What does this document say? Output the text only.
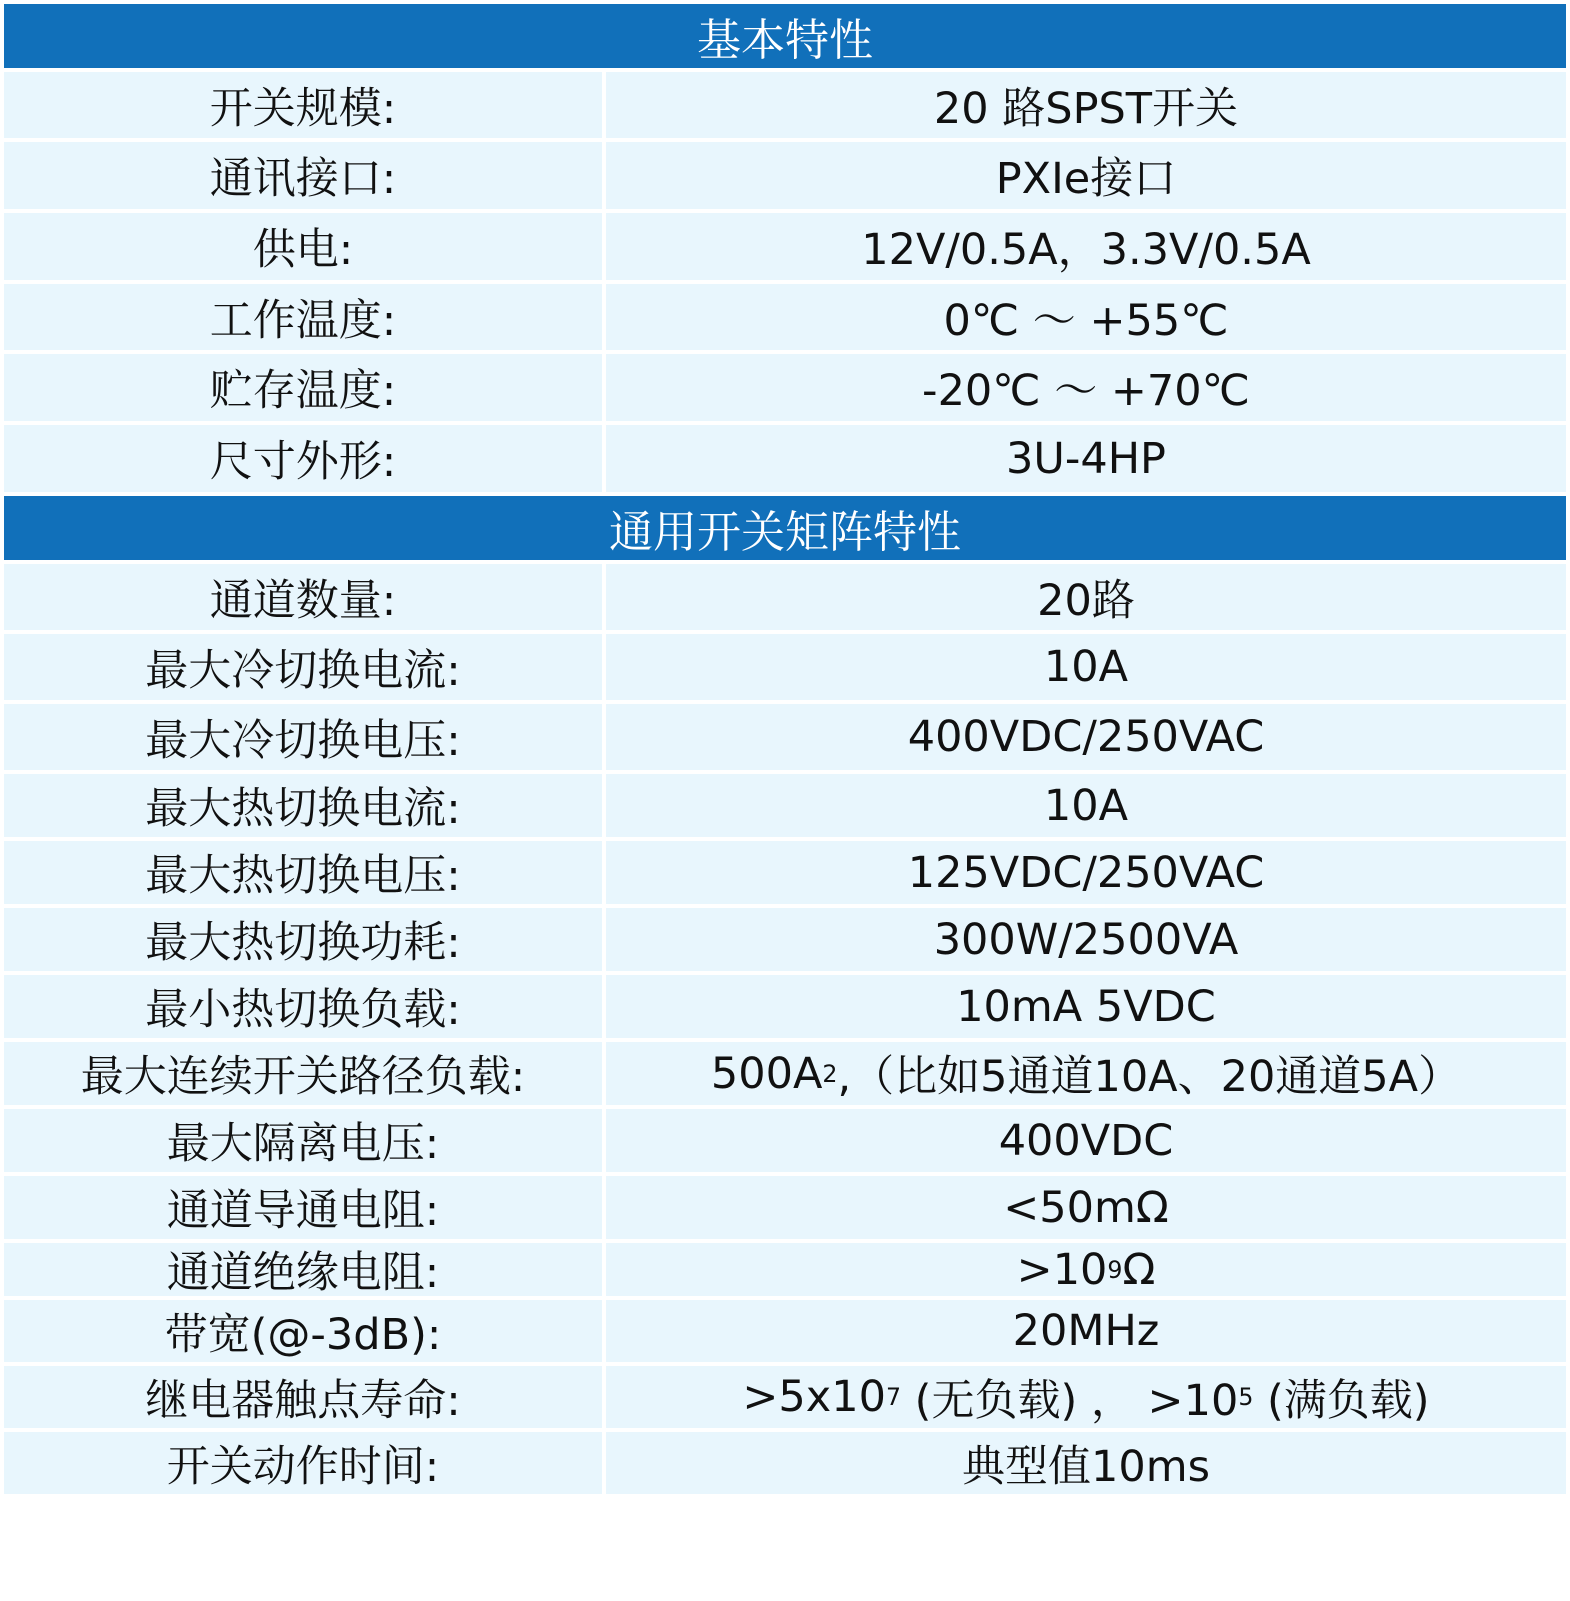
基本特性
开关规模:	20 路SPST开关
通讯接口:	PXIe接口
供电:	12V/0.5A，3.3V/0.5A
工作温度:	0℃ ～ +55℃
贮存温度:	-20℃ ～ +70℃
尺寸外形:	3U-4HP
通用开关矩阵特性
通道数量:	20路
最大冷切换电流:	10A
最大冷切换电压:	400VDC/250VAC
最大热切换电流:	10A
最大热切换电压:	125VDC/250VAC
最大热切换功耗:	300W/2500VA
最小热切换负载:	10mA 5VDC
最大连续开关路径负载:	500A 2 ,（比如5通道10A、20通道5A）
最大隔离电压:	400VDC
通道导通电阻:	<50mΩ
通道绝缘电阻:	>10 9 Ω
带宽(@-3dB):	20MHz
继电器触点寿命:	>5x10 7 (无负载) ， >10 5 (满负载)
开关动作时间:	典型值10ms
